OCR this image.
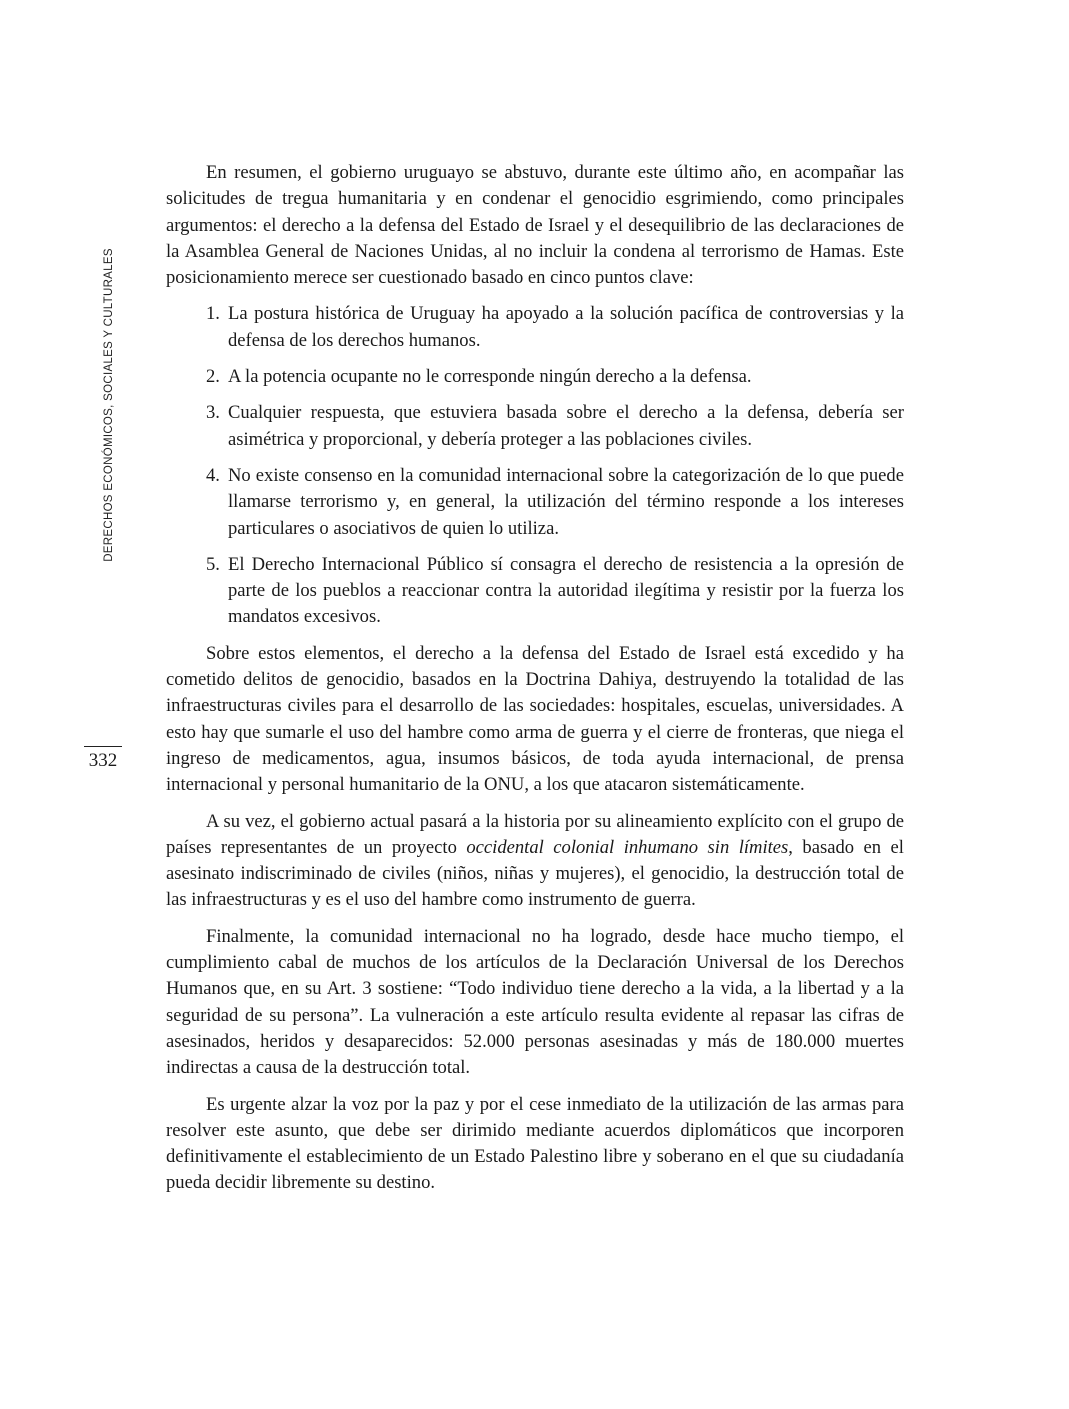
DERECHOS ECONÓMICOS, SOCIALES Y CULTURALES
332

En resumen, el gobierno uruguayo se abstuvo, durante este último año, en acompañar las solicitudes de tregua humanitaria y en condenar el genocidio esgrimiendo, como principales argumentos: el derecho a la defensa del Estado de Israel y el desequilibrio de las declaraciones de la Asamblea General de Naciones Unidas, al no incluir la condena al terrorismo de Hamas. Este posicionamiento merece ser cuestionado basado en cinco puntos clave:

1. La postura histórica de Uruguay ha apoyado a la solución pacífica de controversias y la defensa de los derechos humanos.
2. A la potencia ocupante no le corresponde ningún derecho a la defensa.
3. Cualquier respuesta, que estuviera basada sobre el derecho a la defensa, debería ser asimétrica y proporcional, y debería proteger a las poblaciones civiles.
4. No existe consenso en la comunidad internacional sobre la categorización de lo que puede llamarse terrorismo y, en general, la utilización del término responde a los intereses particulares o asociativos de quien lo utiliza.
5. El Derecho Internacional Público sí consagra el derecho de resistencia a la opresión de parte de los pueblos a reaccionar contra la autoridad ilegítima y resistir por la fuerza los mandatos excesivos.

Sobre estos elementos, el derecho a la defensa del Estado de Israel está excedido y ha cometido delitos de genocidio, basados en la Doctrina Dahiya, destruyendo la totalidad de las infraestructuras civiles para el desarrollo de las sociedades: hospitales, escuelas, universidades. A esto hay que sumarle el uso del hambre como arma de guerra y el cierre de fronteras, que niega el ingreso de medicamentos, agua, insumos básicos, de toda ayuda internacional, de prensa internacional y personal humanitario de la ONU, a los que atacaron sistemáticamente.

A su vez, el gobierno actual pasará a la historia por su alineamiento explícito con el grupo de países representantes de un proyecto occidental colonial inhumano sin límites, basado en el asesinato indiscriminado de civiles (niños, niñas y mujeres), el genocidio, la destrucción total de las infraestructuras y es el uso del hambre como instrumento de guerra.

Finalmente, la comunidad internacional no ha logrado, desde hace mucho tiempo, el cumplimiento cabal de muchos de los artículos de la Declaración Universal de los Derechos Humanos que, en su Art. 3 sostiene: “Todo individuo tiene derecho a la vida, a la libertad y a la seguridad de su persona”. La vulneración a este artículo resulta evidente al repasar las cifras de asesinados, heridos y desaparecidos: 52.000 personas asesinadas y más de 180.000 muertes indirectas a causa de la destrucción total.

Es urgente alzar la voz por la paz y por el cese inmediato de la utilización de las armas para resolver este asunto, que debe ser dirimido mediante acuerdos diplomáticos que incorporen definitivamente el establecimiento de un Estado Palestino libre y soberano en el que su ciudadanía pueda decidir libremente su destino.
